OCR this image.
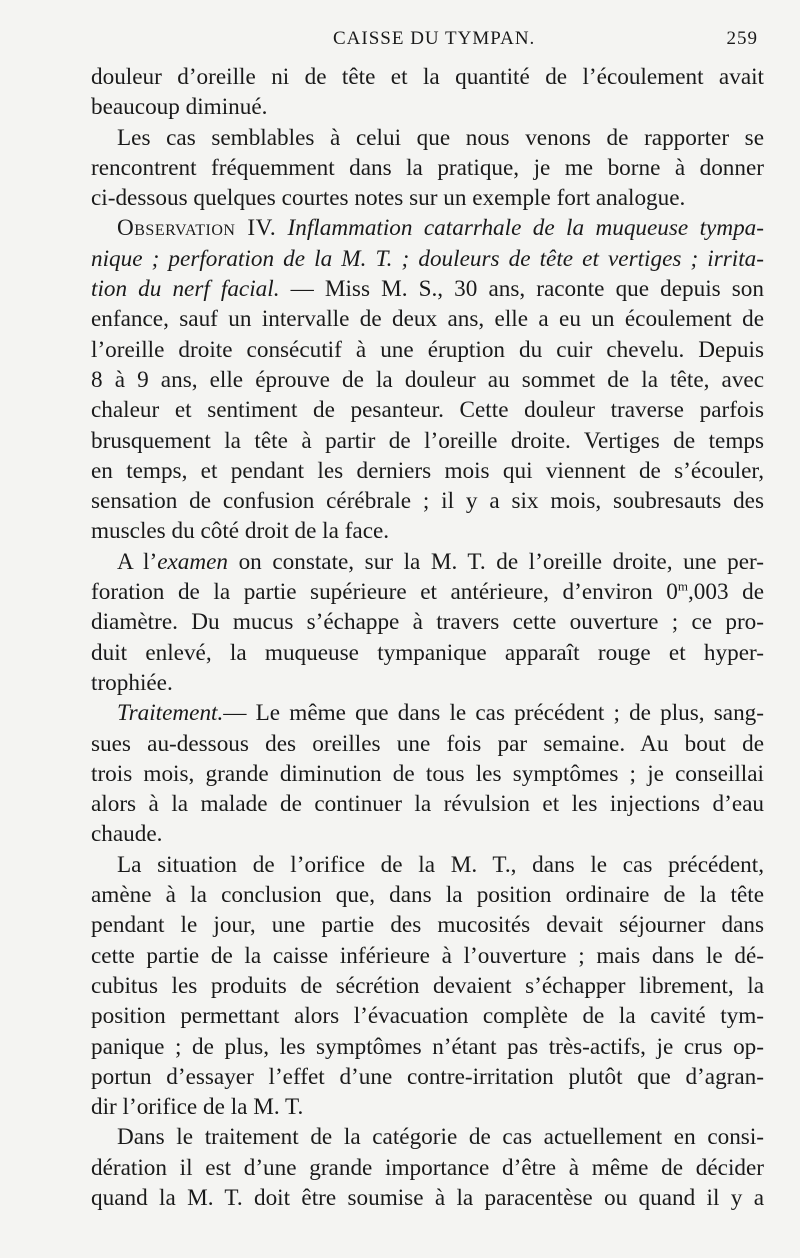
CAISSE DU TYMPAN.	259
douleur d’oreille ni de tête et la quantité de l’écoulement avait
beaucoup diminué.
Les cas semblables à celui que nous venons de rapporter se
rencontrent fréquemment dans la pratique, je me borne à donner
ci-dessous quelques courtes notes sur un exemple fort analogue.
Observation IV. Inflammation catarrhale de la muqueuse tympa-
nique ; perforation de la M. T. ; douleurs de tête et vertiges ; irrita-
tion du nerf facial. — Miss M. S., 30 ans, raconte que depuis son
enfance, sauf un intervalle de deux ans, elle a eu un écoulement de
l’oreille droite consécutif à une éruption du cuir chevelu. Depuis
8 à 9 ans, elle éprouve de la douleur au sommet de la tête, avec
chaleur et sentiment de pesanteur. Cette douleur traverse parfois
brusquement la tête à partir de l’oreille droite. Vertiges de temps
en temps, et pendant les derniers mois qui viennent de s’écouler,
sensation de confusion cérébrale ; il y a six mois, soubresauts des
muscles du côté droit de la face.
A l’examen on constate, sur la M. T. de l’oreille droite, une per-
foration de la partie supérieure et antérieure, d’environ 0$^m$,003 de
diamètre. Du mucus s’échappe à travers cette ouverture ; ce pro-
duit enlevé, la muqueuse tympanique apparaît rouge et hyper-
trophiée.
Traitement.— Le même que dans le cas précédent ; de plus, sang-
sues au-dessous des oreilles une fois par semaine. Au bout de
trois mois, grande diminution de tous les symptômes ; je conseillai
alors à la malade de continuer la révulsion et les injections d’eau
chaude.
La situation de l’orifice de la M. T., dans le cas précédent,
amène à la conclusion que, dans la position ordinaire de la tête
pendant le jour, une partie des mucosités devait séjourner dans
cette partie de la caisse inférieure à l’ouverture ; mais dans le dé-
cubitus les produits de sécrétion devaient s’échapper librement, la
position permettant alors l’évacuation complète de la cavité tym-
panique ; de plus, les symptômes n’étant pas très-actifs, je crus op-
portun d’essayer l’effet d’une contre-irritation plutôt que d’agran-
dir l’orifice de la M. T.
Dans le traitement de la catégorie de cas actuellement en consi-
dération il est d’une grande importance d’être à même de décider
quand la M. T. doit être soumise à la paracentèse ou quand il y a
